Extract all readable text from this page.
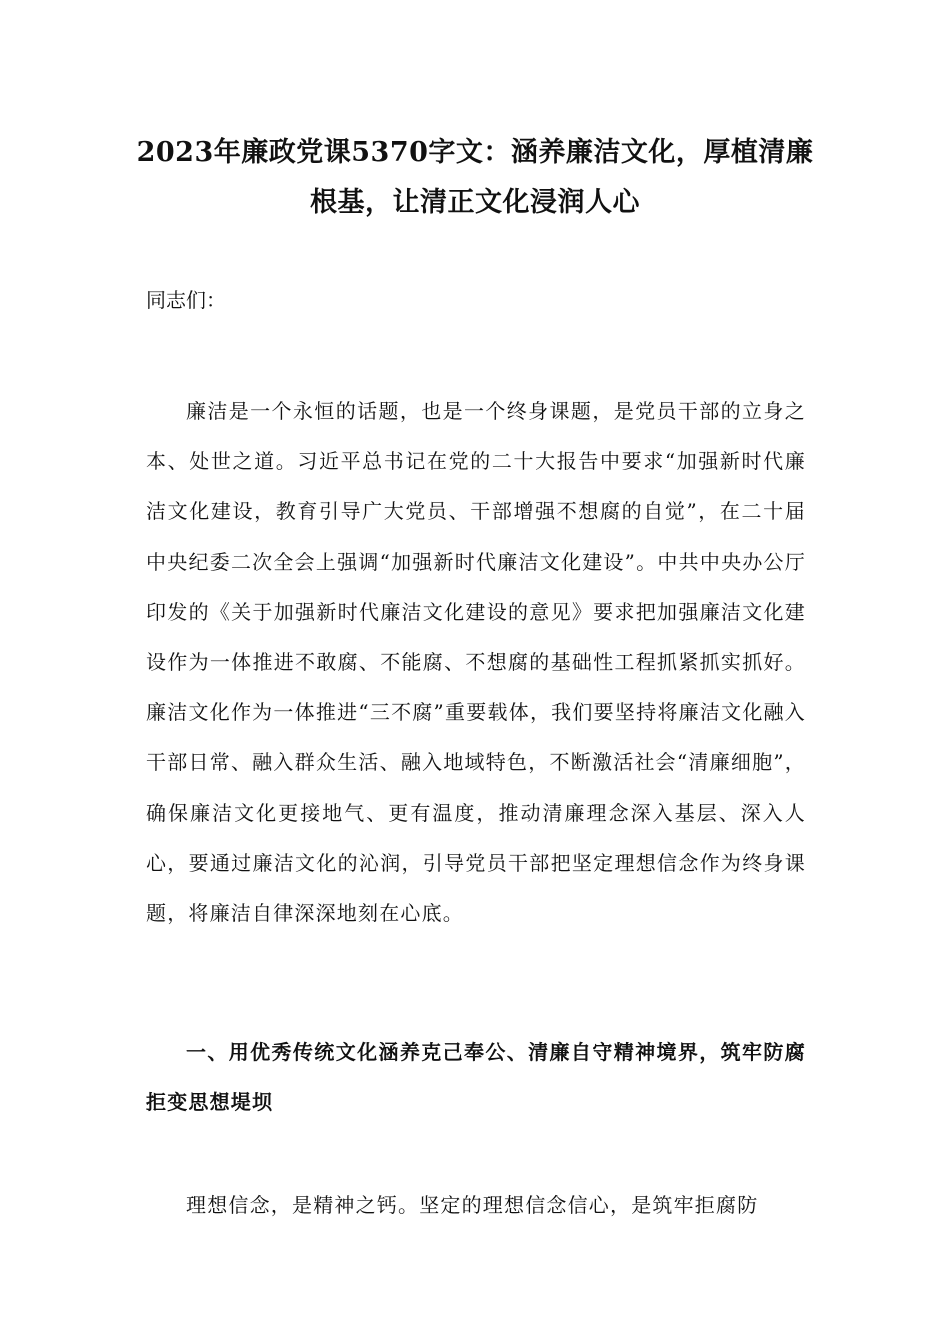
2023年廉政党课5370字文：涵养廉洁文化，厚植清廉根基，让清正文化浸润人心

同志们：

廉洁是一个永恒的话题，也是一个终身课题，是党员干部的立身之本、处世之道。习近平总书记在党的二十大报告中要求“加强新时代廉洁文化建设，教育引导广大党员、干部增强不想腐的自觉”，在二十届中央纪委二次全会上强调“加强新时代廉洁文化建设”。中共中央办公厅印发的《关于加强新时代廉洁文化建设的意见》要求把加强廉洁文化建设作为一体推进不敢腐、不能腐、不想腐的基础性工程抓紧抓实抓好。廉洁文化作为一体推进“三不腐”重要载体，我们要坚持将廉洁文化融入干部日常、融入群众生活、融入地域特色，不断激活社会“清廉细胞”，确保廉洁文化更接地气、更有温度，推动清廉理念深入基层、深入人心，要通过廉洁文化的沁润，引导党员干部把坚定理想信念作为终身课题，将廉洁自律深深地刻在心底。

一、用优秀传统文化涵养克己奉公、清廉自守精神境界，筑牢防腐拒变思想堤坝

理想信念，是精神之钙。坚定的理想信念信心，是筑牢拒腐防
